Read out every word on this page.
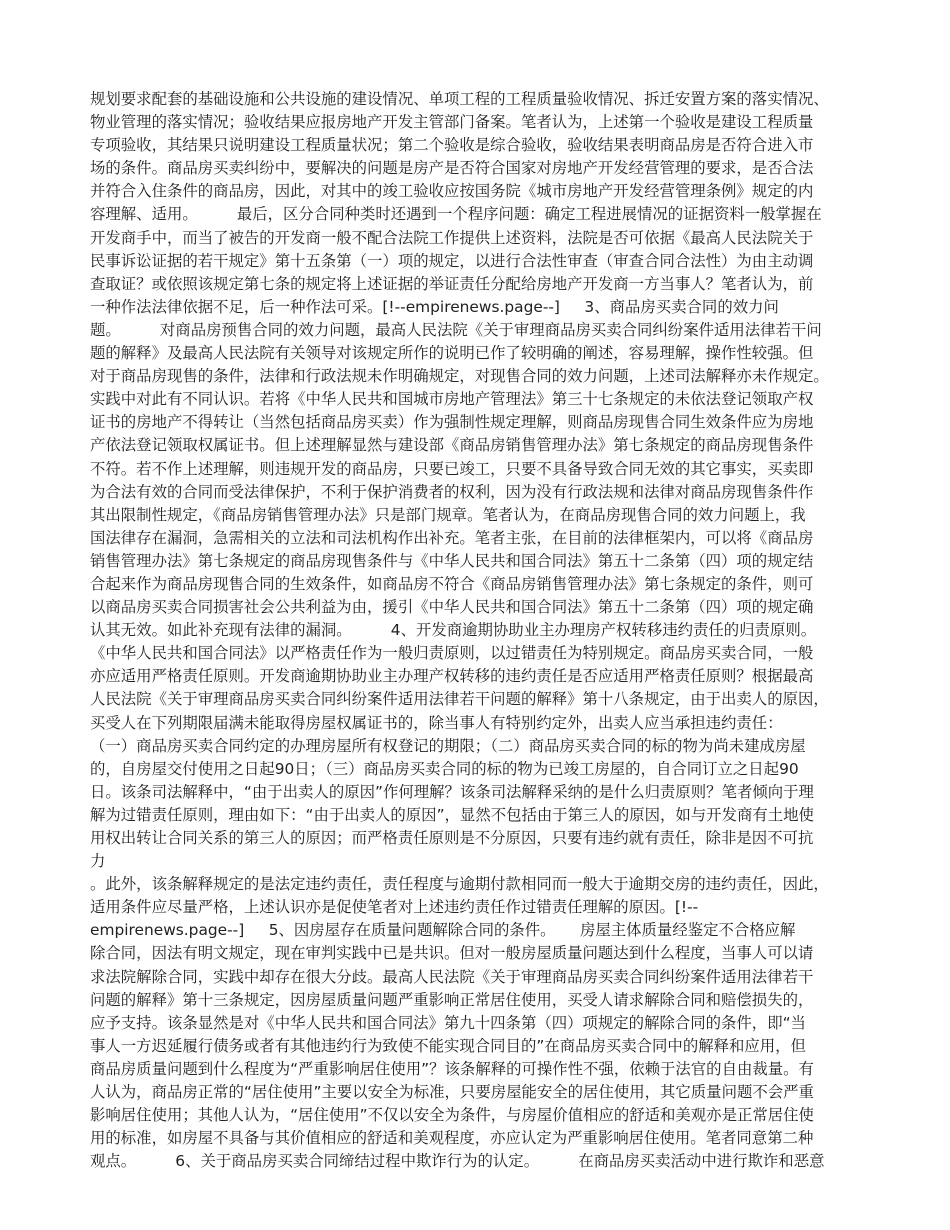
规划要求配套的基础设施和公共设施的建设情况、单项工程的工程质量验收情况、拆迁安置方案的落实情况、
物业管理的落实情况；验收结果应报房地产开发主管部门备案。笔者认为，上述第一个验收是建设工程质量
专项验收，其结果只说明建设工程质量状况；第二个验收是综合验收，验收结果表明商品房是否符合进入市
场的条件。商品房买卖纠纷中，要解决的问题是房产是否符合国家对房地产开发经营管理的要求，是否合法
并符合入住条件的商品房，因此，对其中的竣工验收应按国务院《城市房地产开发经营管理条例》规定的内
容理解、适用。        最后，区分合同种类时还遇到一个程序问题：确定工程进展情况的证据资料一般掌握在
开发商手中，而当了被告的开发商一般不配合法院工作提供上述资料，法院是否可依据《最高人民法院关于
民事诉讼证据的若干规定》第十五条第（一）项的规定，以进行合法性审查（审查合同合法性）为由主动调
查取证？或依照该规定第七条的规定将上述证据的举证责任分配给房地产开发商一方当事人？笔者认为，前
一种作法法律依据不足，后一种作法可采。[!--empirenews.page--]     3、商品房买卖合同的效力问
题。        对商品房预售合同的效力问题，最高人民法院《关于审理商品房买卖合同纠纷案件适用法律若干问
题的解释》及最高人民法院有关领导对该规定所作的说明已作了较明确的阐述，容易理解，操作性较强。但
对于商品房现售的条件，法律和行政法规未作明确规定，对现售合同的效力问题，上述司法解释亦未作规定。
实践中对此有不同认识。若将《中华人民共和国城市房地产管理法》第三十七条规定的未依法登记领取产权
证书的房地产不得转让（当然包括商品房买卖）作为强制性规定理解，则商品房现售合同生效条件应为房地
产依法登记领取权属证书。但上述理解显然与建设部《商品房销售管理办法》第七条规定的商品房现售条件
不符。若不作上述理解，则违规开发的商品房，只要已竣工，只要不具备导致合同无效的其它事实，买卖即
为合法有效的合同而受法律保护，不利于保护消费者的权利，因为没有行政法规和法律对商品房现售条件作
其出限制性规定，《商品房销售管理办法》只是部门规章。笔者认为，在商品房现售合同的效力问题上，我
国法律存在漏洞，急需相关的立法和司法机构作出补充。笔者主张，在目前的法律框架内，可以将《商品房
销售管理办法》第七条规定的商品房现售条件与《中华人民共和国合同法》第五十二条第（四）项的规定结
合起来作为商品房现售合同的生效条件，如商品房不符合《商品房销售管理办法》第七条规定的条件，则可
以商品房买卖合同损害社会公共利益为由，援引《中华人民共和国合同法》第五十二条第（四）项的规定确
认其无效。如此补充现有法律的漏洞。        4、开发商逾期协助业主办理房产权转移违约责任的归责原则。
《中华人民共和国合同法》以严格责任作为一般归责原则，以过错责任为特别规定。商品房买卖合同，一般
亦应适用严格责任原则。开发商逾期协助业主办理产权转移的违约责任是否应适用严格责任原则？根据最高
人民法院《关于审理商品房买卖合同纠纷案件适用法律若干问题的解释》第十八条规定，由于出卖人的原因，
买受人在下列期限届满未能取得房屋权属证书的，除当事人有特别约定外，出卖人应当承担违约责任：
（一）商品房买卖合同约定的办理房屋所有权登记的期限；（二）商品房买卖合同的标的物为尚未建成房屋
的，自房屋交付使用之日起90日；（三）商品房买卖合同的标的物为已竣工房屋的，自合同订立之日起90
日。该条司法解释中，“由于出卖人的原因”作何理解？该条司法解释采纳的是什么归责原则？笔者倾向于理
解为过错责任原则，理由如下：“由于出卖人的原因”，显然不包括由于第三人的原因，如与开发商有土地使
用权出转让合同关系的第三人的原因；而严格责任原则是不分原因，只要有违约就有责任，除非是因不可抗
力
。此外，该条解释规定的是法定违约责任，责任程度与逾期付款相同而一般大于逾期交房的违约责任，因此，
适用条件应尽量严格，上述认识亦是促使笔者对上述违约责任作过错责任理解的原因。[!--
empirenews.page--]     5、因房屋存在质量问题解除合同的条件。     房屋主体质量经鉴定不合格应解
除合同，因法有明文规定，现在审判实践中已是共识。但对一般房屋质量问题达到什么程度，当事人可以请
求法院解除合同，实践中却存在很大分歧。最高人民法院《关于审理商品房买卖合同纠纷案件适用法律若干
问题的解释》第十三条规定，因房屋质量问题严重影响正常居住使用，买受人请求解除合同和赔偿损失的，
应予支持。该条显然是对《中华人民共和国合同法》第九十四条第（四）项规定的解除合同的条件，即“当
事人一方迟延履行债务或者有其他违约行为致使不能实现合同目的”在商品房买卖合同中的解释和应用，但
商品房质量问题到什么程度为“严重影响居住使用”？该条解释的可操作性不强，依赖于法官的自由裁量。有
人认为，商品房正常的“居住使用”主要以安全为标准，只要房屋能安全的居住使用，其它质量问题不会严重
影响居住使用；其他人认为，“居住使用”不仅以安全为条件，与房屋价值相应的舒适和美观亦是正常居住使
用的标准，如房屋不具备与其价值相应的舒适和美观程度，亦应认定为严重影响居住使用。笔者同意第二种
观点。        6、关于商品房买卖合同缔结过程中欺诈行为的认定。        在商品房买卖活动中进行欺诈和恶意
